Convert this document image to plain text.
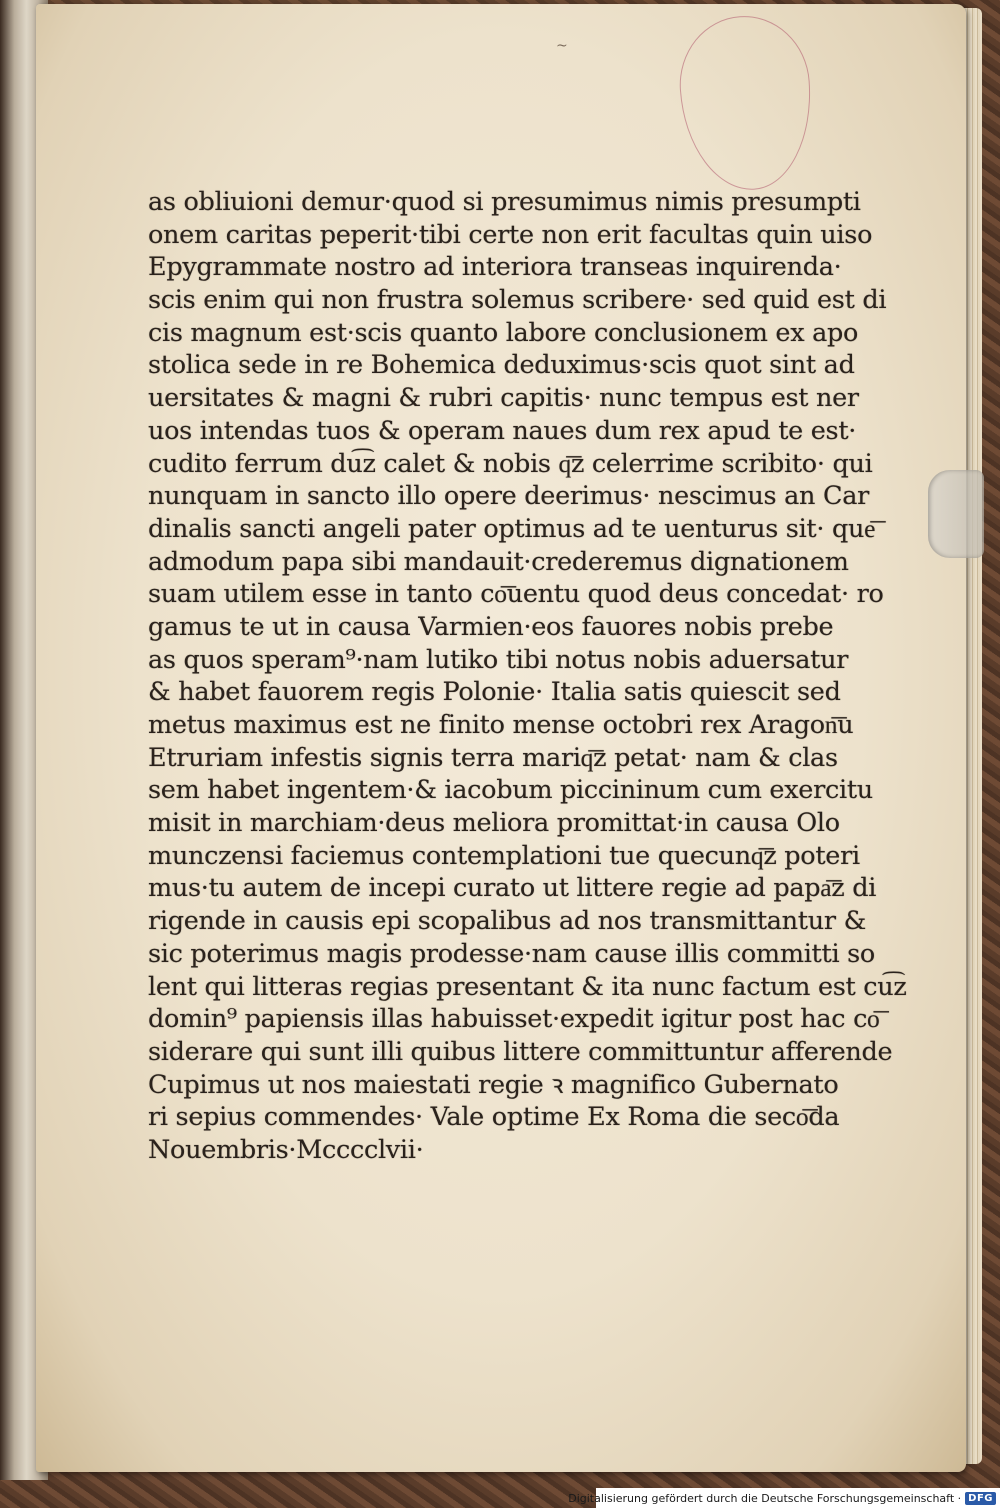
~
as obliuioni demur·quod si presumimus nimis presumpti
onem caritas peperit·tibi certe non erit facultas quin uiso
Epygrammate nostro ad interiora transeas inquirenda·
scis enim qui non frustra solemus scribere· sed quid est di
cis magnum est·scis quanto labore conclusionem ex apo
stolica sede in re Bohemica deduximus·scis quot sint ad
uersitates & magni & rubri capitis· nunc tempus est ner
uos intendas tuos & operam naues dum rex apud te est·
cudito ferrum du͡z calet & nobis q͞z celerrime scribito· qui
nunquam in sancto illo opere deerimus· nescimus an Car
dinalis sancti angeli pater optimus ad te uenturus sit· que͞
admodum papa sibi mandauit·crederemus dignationem
suam utilem esse in tanto co͞uentu quod deus concedat· ro
gamus te ut in causa Varmien·eos fauores nobis prebe
as quos speram⁹·nam lutiko tibi notus nobis aduersatur
& habet fauorem regis Polonie· Italia satis quiescit sed
metus maximus est ne finito mense octobri rex Aragon͞u
Etruriam infestis signis terra mariq͞z petat· nam & clas
sem habet ingentem·& iacobum piccininum cum exercitu
misit in marchiam·deus meliora promittat·in causa Olo
munczensi faciemus contemplationi tue quecunq͞z poteri
mus·tu autem de incepi curato ut littere regie ad papa͞z di
rigende in causis epi scopalibus ad nos transmittantur &
sic poterimus magis prodesse·nam cause illis committi so
lent qui litteras regias presentant & ita nunc factum est cu͡z
domin⁹ papiensis illas habuisset·expedit igitur post hac co͞
siderare qui sunt illi quibus littere committuntur afferende
Cupimus ut nos maiestati regie ꝛ magnifico Gubernato
ri sepius commendes· Vale optime Ex Roma die seco͞da
Nouembris·Mcccclvii·
Digitalisierung gefördert durch die Deutsche Forschungsgemeinschaft · DFG
